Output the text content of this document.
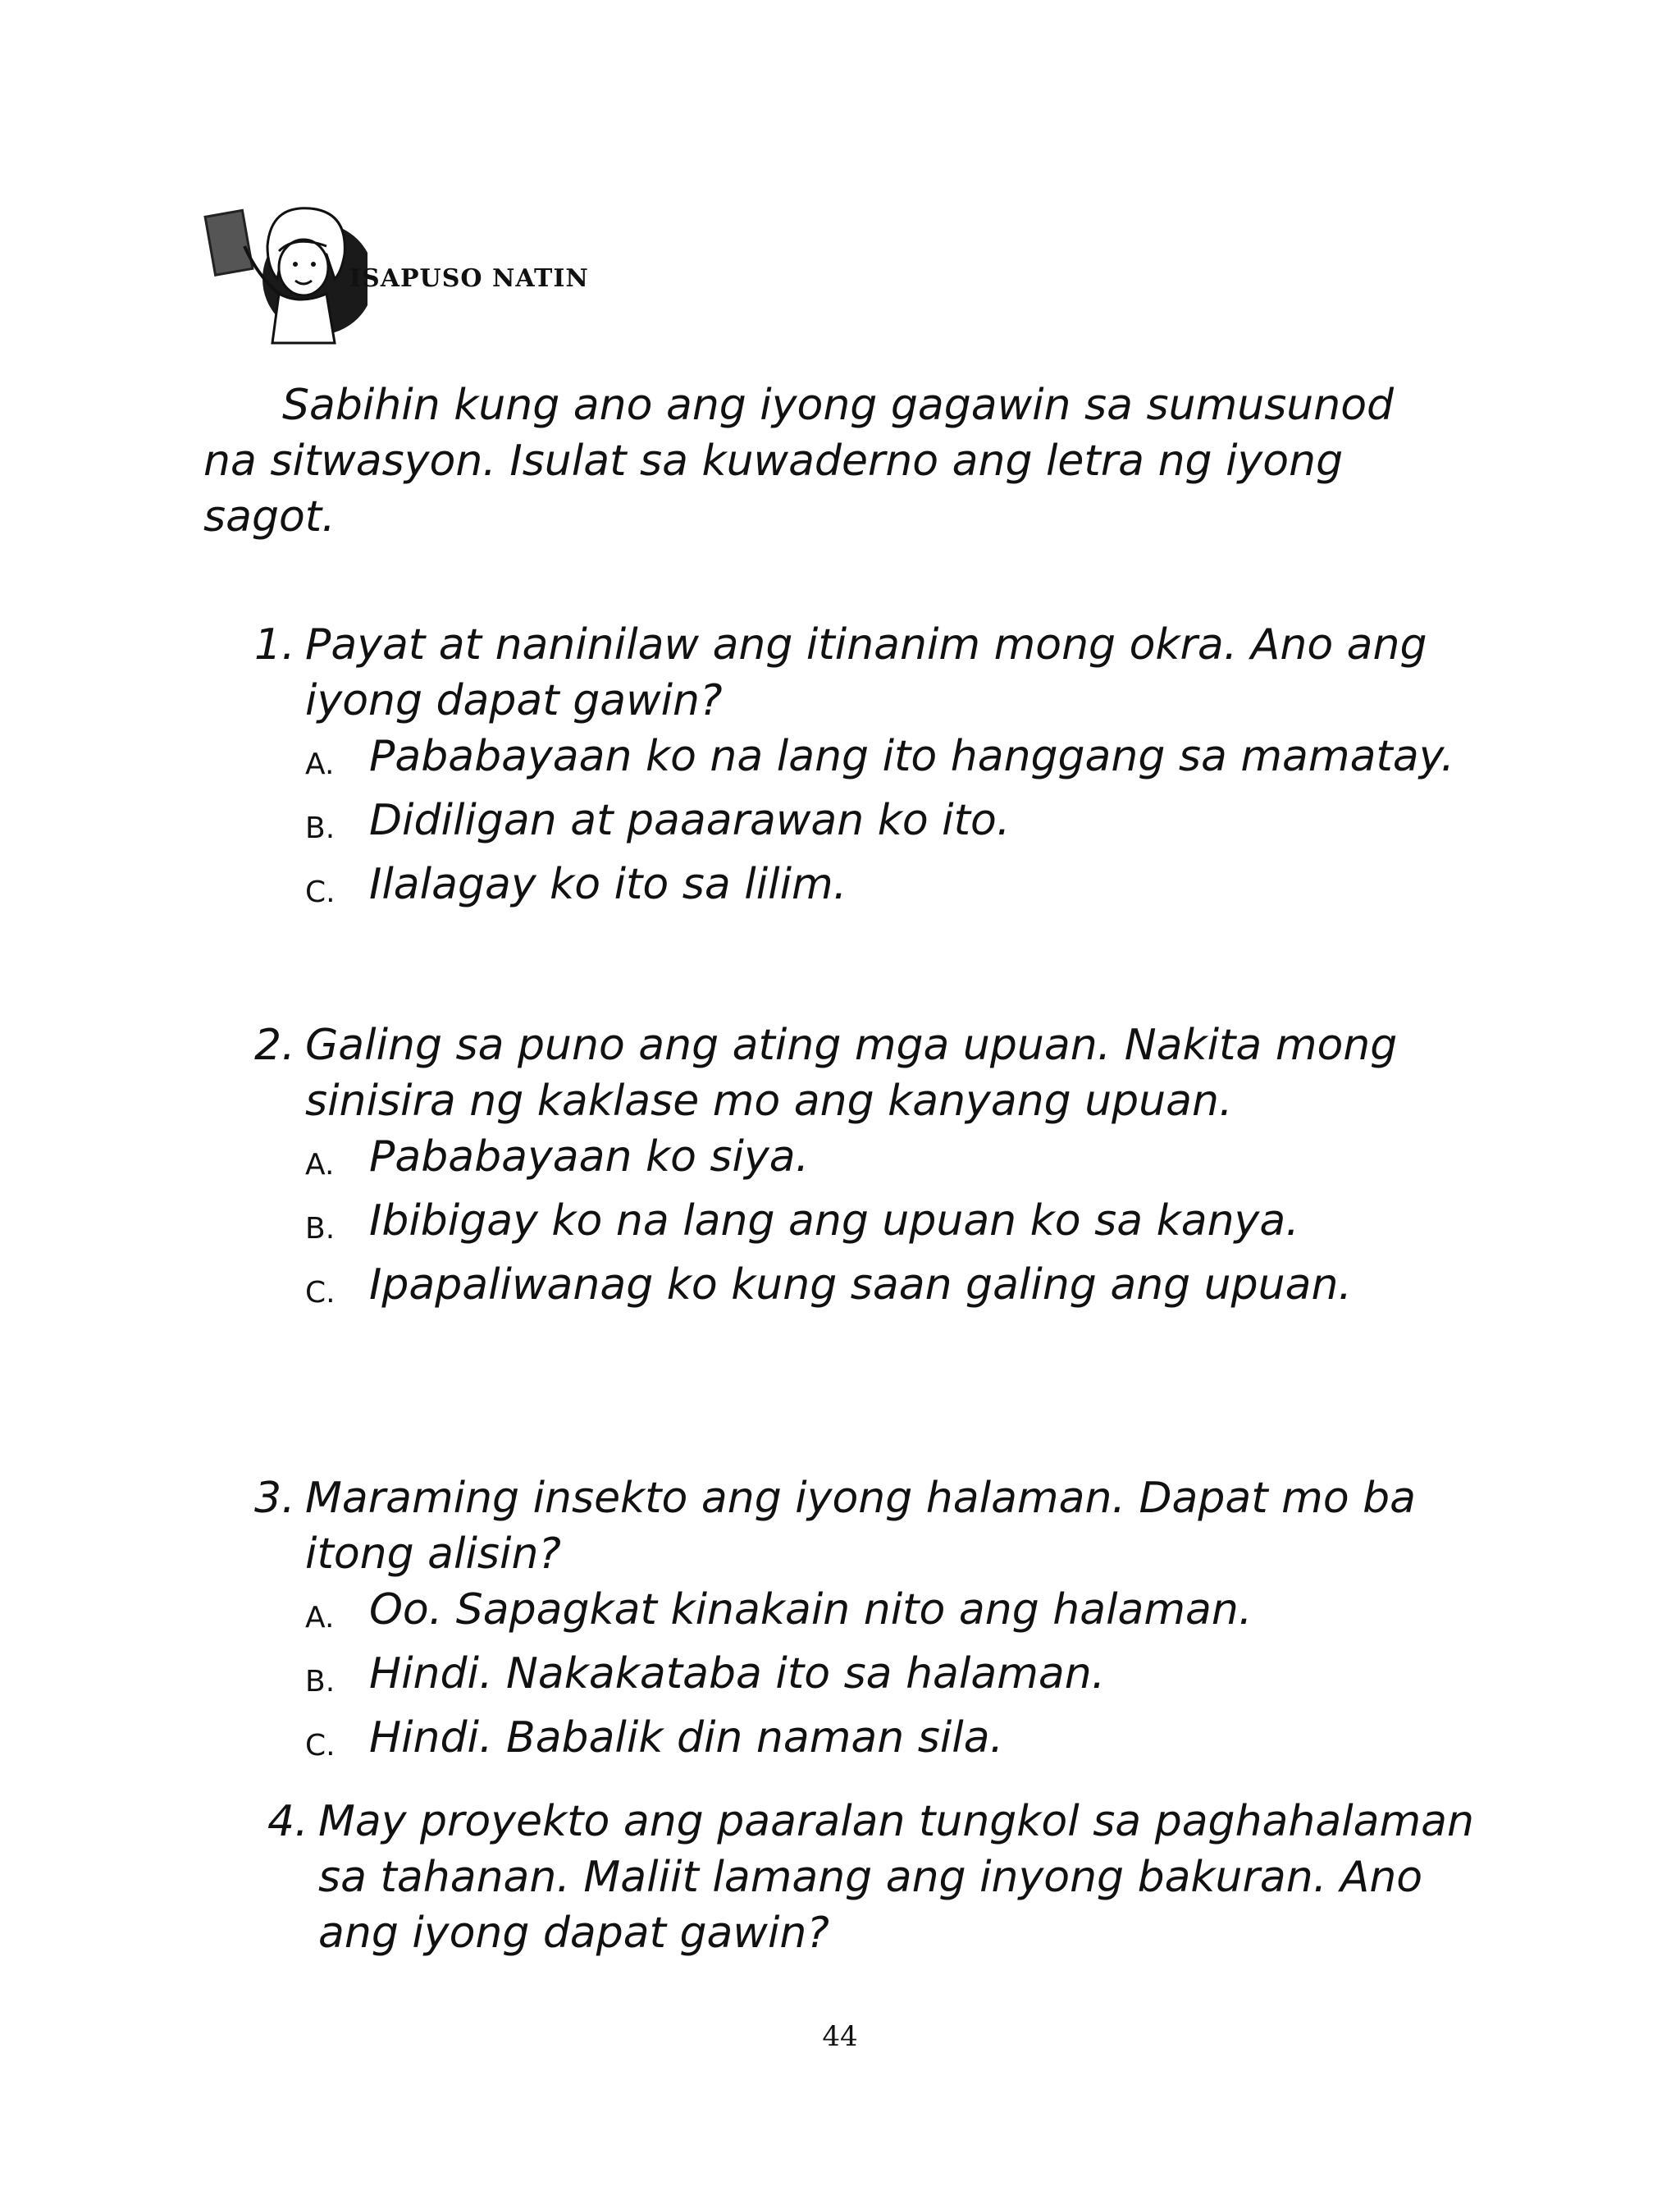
ISAPUSO NATIN

Sabihin kung ano ang iyong gagawin sa sumusunod na sitwasyon. Isulat sa kuwaderno ang letra ng iyong sagot.

1. Payat at naninilaw ang itinanim mong okra. Ano ang iyong dapat gawin?
A. Pababayaan ko na lang ito hanggang sa mamatay.
B. Didiligan at paaarawan ko ito.
C. Ilalagay ko ito sa lilim.
2. Galing sa puno ang ating mga upuan. Nakita mong sinisira ng kaklase mo ang kanyang upuan.
A. Pababayaan ko siya.
B. Ibibigay ko na lang ang upuan ko sa kanya.
C. Ipapaliwanag ko kung saan galing ang upuan.
3. Maraming insekto ang iyong halaman. Dapat mo ba itong alisin?
A. Oo. Sapagkat kinakain nito ang halaman.
B. Hindi. Nakakataba ito sa halaman.
C. Hindi. Babalik din naman sila.
4. May proyekto ang paaralan tungkol sa paghahalaman sa tahanan. Maliit lamang ang inyong bakuran. Ano ang iyong dapat gawin?
44
